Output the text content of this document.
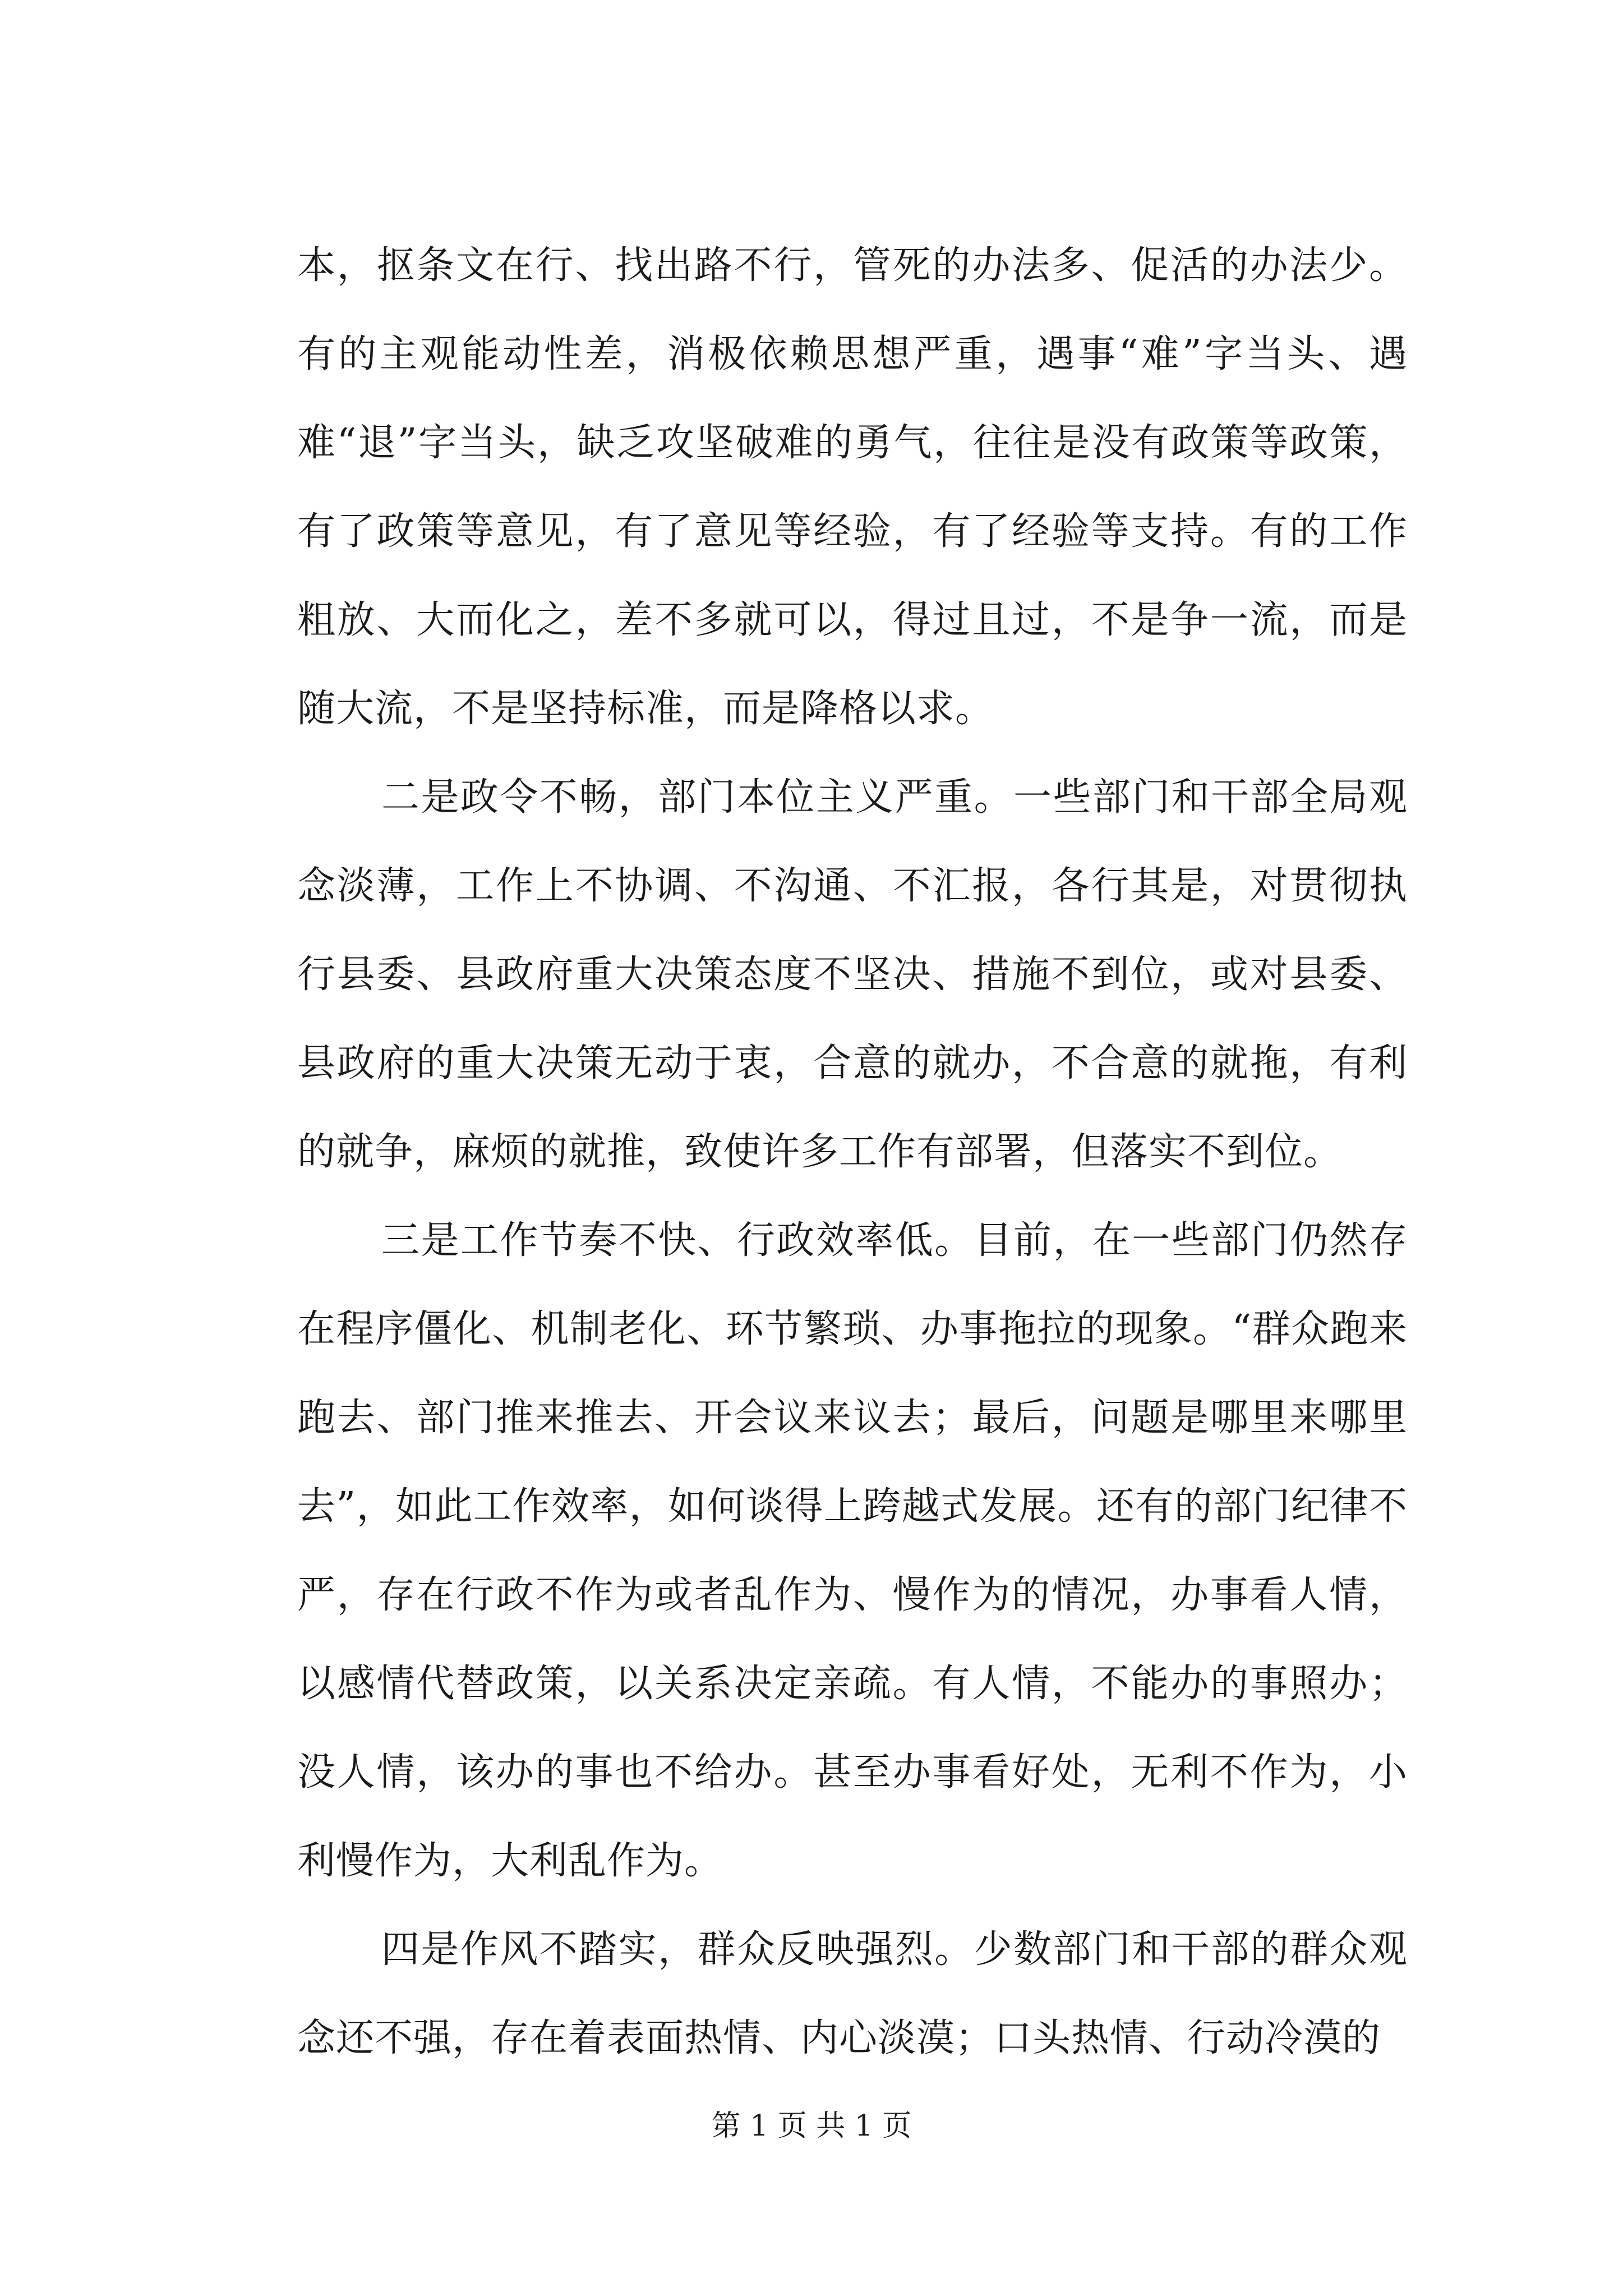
本，抠条文在行、找出路不行，管死的办法多、促活的办法少。有的主观能动性差，消极依赖思想严重，遇事“难”字当头、遇难“退”字当头，缺乏攻坚破难的勇气，往往是没有政策等政策，有了政策等意见，有了意见等经验，有了经验等支持。有的工作粗放、大而化之，差不多就可以，得过且过，不是争一流，而是随大流，不是坚持标准，而是降格以求。

二是政令不畅，部门本位主义严重。一些部门和干部全局观念淡薄，工作上不协调、不沟通、不汇报，各行其是，对贯彻执行县委、县政府重大决策态度不坚决、措施不到位，或对县委、县政府的重大决策无动于衷，合意的就办，不合意的就拖，有利的就争，麻烦的就推，致使许多工作有部署，但落实不到位。

三是工作节奏不快、行政效率低。目前，在一些部门仍然存在程序僵化、机制老化、环节繁琐、办事拖拉的现象。“群众跑来跑去、部门推来推去、开会议来议去；最后，问题是哪里来哪里去”，如此工作效率，如何谈得上跨越式发展。还有的部门纪律不严，存在行政不作为或者乱作为、慢作为的情况，办事看人情，以感情代替政策，以关系决定亲疏。有人情，不能办的事照办；没人情，该办的事也不给办。甚至办事看好处，无利不作为，小利慢作为，大利乱作为。

四是作风不踏实，群众反映强烈。少数部门和干部的群众观念还不强，存在着表面热情、内心淡漠；口头热情、行动冷漠的

第 1 页 共 1 页
